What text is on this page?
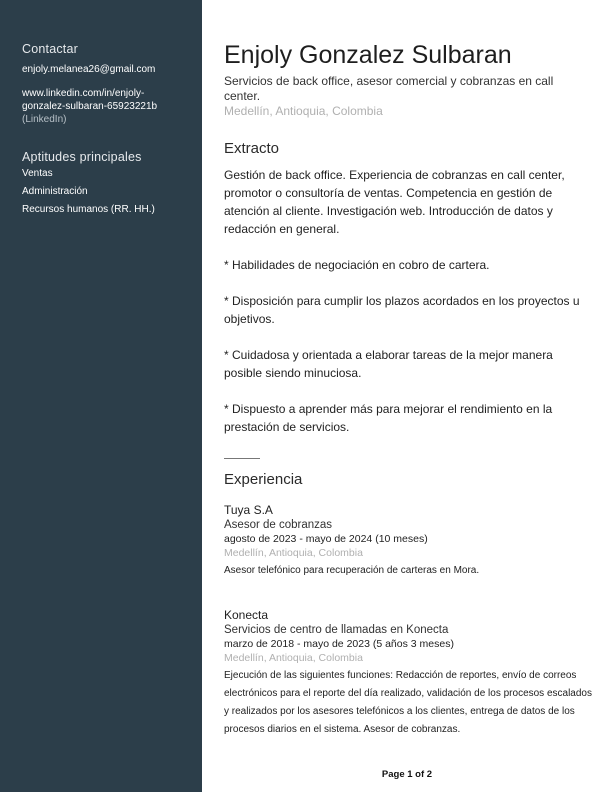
Contactar
enjoly.melanea26@gmail.com
www.linkedin.com/in/enjoly-
gonzalez-sulbaran-65923221b
(LinkedIn)
Aptitudes principales
Ventas
Administración
Recursos humanos (RR. HH.)
Enjoly Gonzalez Sulbaran
Servicios de back office, asesor comercial y cobranzas en call center.
Medellín, Antioquia, Colombia
Extracto

Gestión de back office. Experiencia de cobranzas en call center, promotor o consultoría de ventas. Competencia en gestión de atención al cliente. Investigación web. Introducción de datos y redacción en general.

* Habilidades de negociación en cobro de cartera.

* Disposición para cumplir los plazos acordados en los proyectos u objetivos.

* Cuidadosa y orientada a elaborar tareas de la mejor manera posible siendo minuciosa.

* Dispuesto a aprender más para mejorar el rendimiento en la prestación de servicios.

Experiencia
Tuya S.A
Asesor de cobranzas
agosto de 2023 - mayo de 2024 (10 meses)
Medellín, Antioquia, Colombia
Asesor telefónico para recuperación de carteras en Mora.
Konecta
Servicios de centro de llamadas en Konecta
marzo de 2018 - mayo de 2023 (5 años 3 meses)
Medellín, Antioquia, Colombia
Ejecución de las siguientes funciones: Redacción de reportes, envío de correos electrónicos para el reporte del día realizado, validación de los procesos escalados y realizados por los asesores telefónicos a los clientes, entrega de datos de los procesos diarios en el sistema. Asesor de cobranzas.
Page 1 of 2
